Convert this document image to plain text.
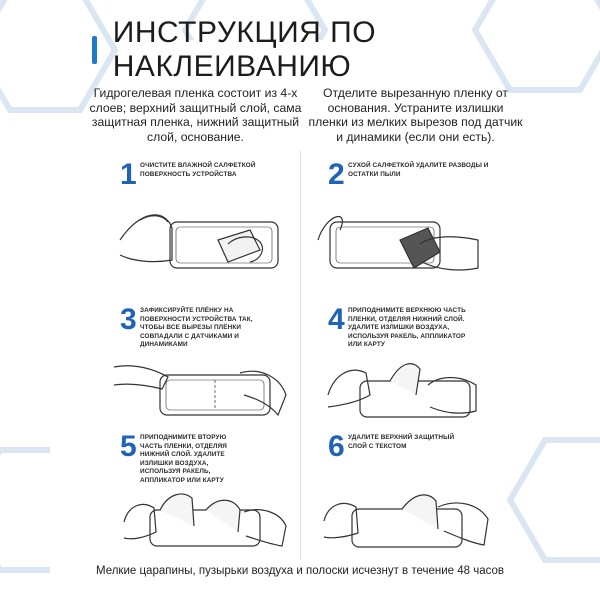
ИНСТРУКЦИЯ ПО НАКЛЕИВАНИЮ
Гидрогелевая пленка состоит из 4-х слоев; верхний защитный слой, сама защитная пленка, нижний защитный слой, основание.
Отделите вырезанную пленку от основания. Устраните излишки пленки из мелких вырезов под датчик и динамики (если они есть).
1 ОЧИСТИТЕ ВЛАЖНОЙ САЛФЕТКОЙ ПОВЕРХНОСТЬ УСТРОЙСТВА	2 СУХОЙ САЛФЕТКОЙ УДАЛИТЕ РАЗВОДЫ И ОСТАТКИ ПЫЛИ
3 ЗАФИКСИРУЙТЕ ПЛЁНКУ НА ПОВЕРХНОСТИ УСТРОЙСТВА ТАК, ЧТОБЫ ВСЕ ВЫРЕЗЫ ПЛЁНКИ СОВПАДАЛИ С ДАТЧИКАМИ И ДИНАМИКАМИ
4 ПРИПОДНИМИТЕ ВЕРХНЮЮ ЧАСТЬ ПЛЕНКИ, ОТДЕЛЯЯ НИЖНИЙ СЛОЙ. УДАЛИТЕ ИЗЛИШКИ ВОЗДУХА, ИСПОЛЬЗУЯ РАКЕЛЬ, АППЛИКАТОР ИЛИ КАРТУ
5 ПРИПОДНИМИТЕ ВТОРУЮ ЧАСТЬ ПЛЕНКИ, ОТДЕЛЯЯ НИЖНИЙ СЛОЙ. УДАЛИТЕ ИЗЛИШКИ ВОЗДУХА, ИСПОЛЬЗУЯ РАКЕЛЬ, АППЛИКАТОР ИЛИ КАРТУ
6 УДАЛИТЕ ВЕРХНИЙ ЗАЩИТНЫЙ СЛОЙ С ТЕКСТОМ
Мелкие царапины, пузырьки воздуха и полоски исчезнут в течение 48 часов
